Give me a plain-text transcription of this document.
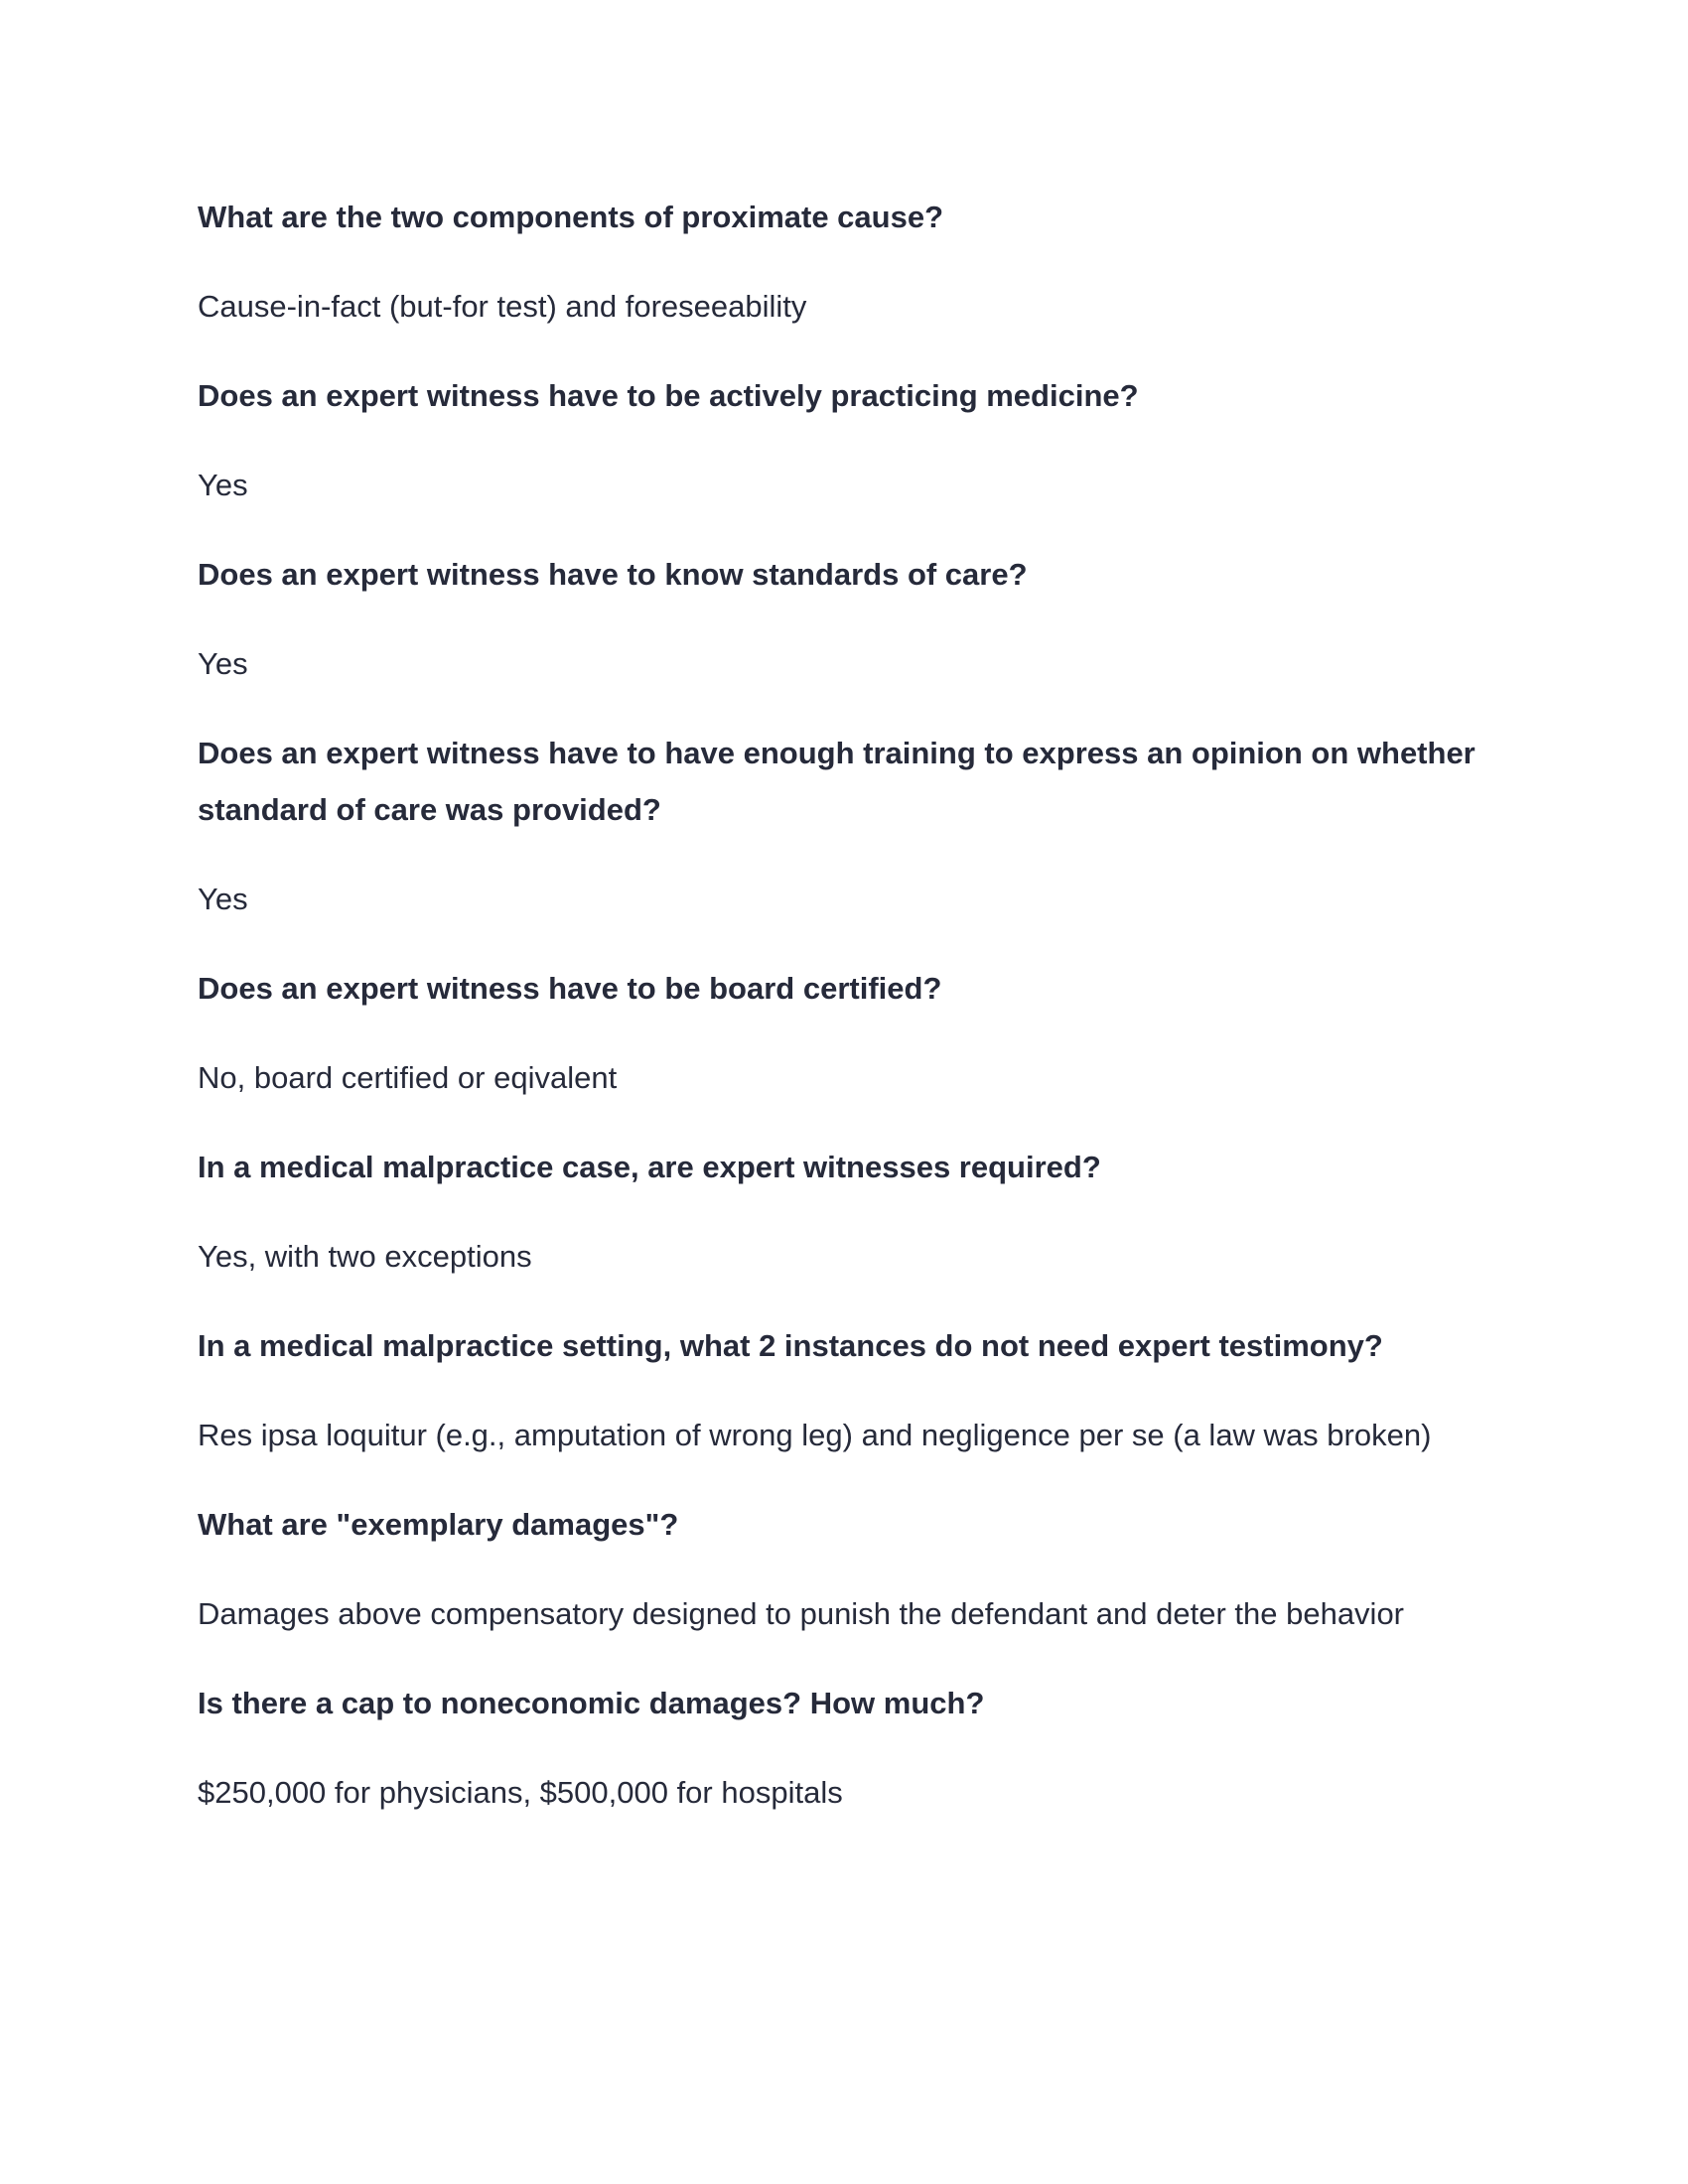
What are the two components of proximate cause?

Cause-in-fact (but-for test) and foreseeability

Does an expert witness have to be actively practicing medicine?

Yes

Does an expert witness have to know standards of care?

Yes

Does an expert witness have to have enough training to express an opinion on whether standard of care was provided?

Yes

Does an expert witness have to be board certified?

No, board certified or eqivalent

In a medical malpractice case, are expert witnesses required?

Yes, with two exceptions

In a medical malpractice setting, what 2 instances do not need expert testimony?

Res ipsa loquitur (e.g., amputation of wrong leg) and negligence per se (a law was broken)

What are "exemplary damages"?

Damages above compensatory designed to punish the defendant and deter the behavior

Is there a cap to noneconomic damages? How much?

$250,000 for physicians, $500,000 for hospitals
